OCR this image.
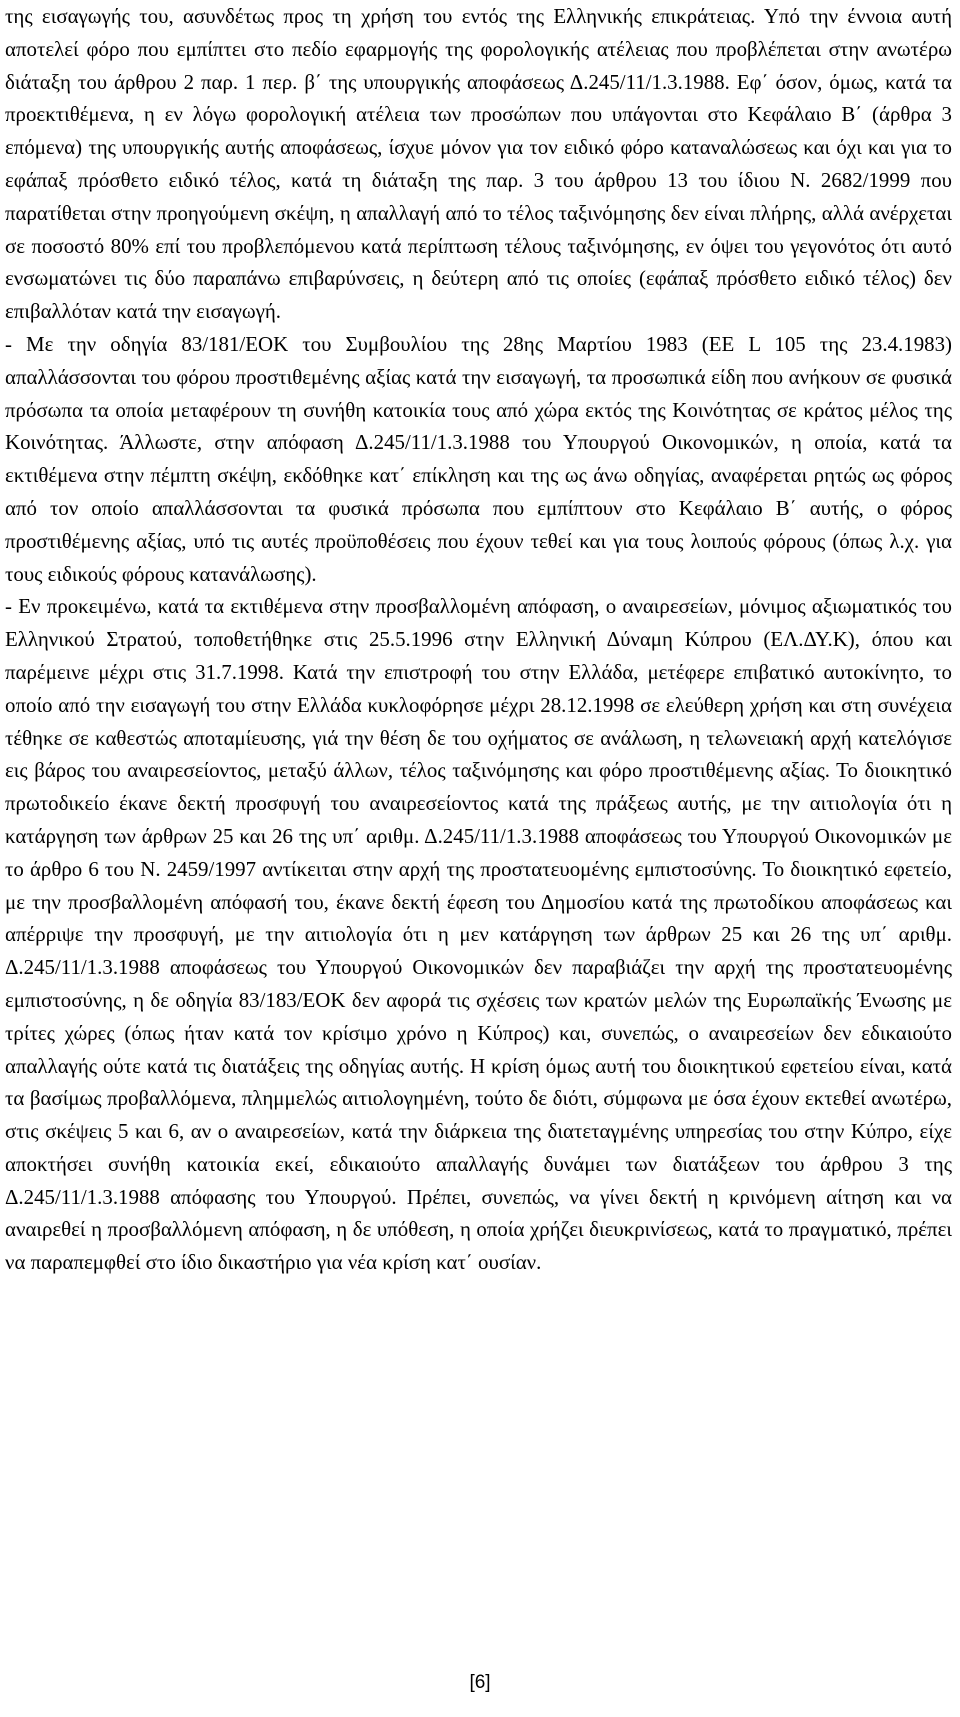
της εισαγωγής του, ασυνδέτως προς τη χρήση του εντός της Ελληνικής επικράτειας. Υπό την έννοια αυτή αποτελεί φόρο που εμπίπτει στο πεδίο εφαρμογής της φορολογικής ατέλειας που προβλέπεται στην ανωτέρω διάταξη του άρθρου 2 παρ. 1 περ. β΄ της υπουργικής αποφάσεως Δ.245/11/1.3.1988. Εφ΄ όσον, όμως, κατά τα προεκτιθέμενα, η εν λόγω φορολογική ατέλεια των προσώπων που υπάγονται στο Κεφάλαιο Β΄ (άρθρα 3 επόμενα) της υπουργικής αυτής αποφάσεως, ίσχυε μόνον για τον ειδικό φόρο καταναλώσεως και όχι και για το εφάπαξ πρόσθετο ειδικό τέλος, κατά τη διάταξη της παρ. 3 του άρθρου 13 του ίδιου Ν. 2682/1999 που παρατίθεται στην προηγούμενη σκέψη, η απαλλαγή από το τέλος ταξινόμησης δεν είναι πλήρης, αλλά ανέρχεται σε ποσοστό 80% επί του προβλεπόμενου κατά περίπτωση τέλους ταξινόμησης, εν όψει του γεγονότος ότι αυτό ενσωματώνει τις δύο παραπάνω επιβαρύνσεις, η δεύτερη από τις οποίες (εφάπαξ πρόσθετο ειδικό τέλος) δεν επιβαλλόταν κατά την εισαγωγή.

- Με την οδηγία 83/181/ΕΟΚ του Συμβουλίου της 28ης Μαρτίου 1983 (ΕΕ L 105 της 23.4.1983) απαλλάσσονται του φόρου προστιθεμένης αξίας κατά την εισαγωγή, τα προσωπικά είδη που ανήκουν σε φυσικά πρόσωπα τα οποία μεταφέρουν τη συνήθη κατοικία τους από χώρα εκτός της Κοινότητας σε κράτος μέλος της Κοινότητας. Άλλωστε, στην απόφαση Δ.245/11/1.3.1988 του Υπουργού Οικονομικών, η οποία, κατά τα εκτιθέμενα στην πέμπτη σκέψη, εκδόθηκε κατ΄ επίκληση και της ως άνω οδηγίας, αναφέρεται ρητώς ως φόρος από τον οποίο απαλλάσσονται τα φυσικά πρόσωπα που εμπίπτουν στο Κεφάλαιο Β΄ αυτής, ο φόρος προστιθέμενης αξίας, υπό τις αυτές προϋποθέσεις που έχουν τεθεί και για τους λοιπούς φόρους (όπως λ.χ. για τους ειδικούς φόρους κατανάλωσης).

- Εν προκειμένω, κατά τα εκτιθέμενα στην προσβαλλομένη απόφαση, ο αναιρεσείων, μόνιμος αξιωματικός του Ελληνικού Στρατού, τοποθετήθηκε στις 25.5.1996 στην Ελληνική Δύναμη Κύπρου (ΕΛ.ΔΥ.Κ), όπου και παρέμεινε μέχρι στις 31.7.1998. Κατά την επιστροφή του στην Ελλάδα, μετέφερε επιβατικό αυτοκίνητο, το οποίο από την εισαγωγή του στην Ελλάδα κυκλοφόρησε μέχρι 28.12.1998 σε ελεύθερη χρήση και στη συνέχεια τέθηκε σε καθεστώς αποταμίευσης, γιά την θέση δε του οχήματος σε ανάλωση, η τελωνειακή αρχή κατελόγισε εις βάρος του αναιρεσείοντος, μεταξύ άλλων, τέλος ταξινόμησης και φόρο προστιθέμενης αξίας. Το διοικητικό πρωτοδικείο έκανε δεκτή προσφυγή του αναιρεσείοντος κατά της πράξεως αυτής, με την αιτιολογία ότι η κατάργηση των άρθρων 25 και 26 της υπ΄ αριθμ. Δ.245/11/1.3.1988 αποφάσεως του Υπουργού Οικονομικών με το άρθρο 6 του Ν. 2459/1997 αντίκειται στην αρχή της προστατευομένης εμπιστοσύνης. Το διοικητικό εφετείο, με την προσβαλλομένη απόφασή του, έκανε δεκτή έφεση του Δημοσίου κατά της πρωτοδίκου αποφάσεως και απέρριψε την προσφυγή, με την αιτιολογία ότι η μεν κατάργηση των άρθρων 25 και 26 της υπ΄ αριθμ. Δ.245/11/1.3.1988 αποφάσεως του Υπουργού Οικονομικών δεν παραβιάζει την αρχή της προστατευομένης εμπιστοσύνης, η δε οδηγία 83/183/ΕΟΚ δεν αφορά τις σχέσεις των κρατών μελών της Ευρωπαϊκής Ένωσης με τρίτες χώρες (όπως ήταν κατά τον κρίσιμο χρόνο η Κύπρος) και, συνεπώς, ο αναιρεσείων δεν εδικαιούτο απαλλαγής ούτε κατά τις διατάξεις της οδηγίας αυτής. Η κρίση όμως αυτή του διοικητικού εφετείου είναι, κατά τα βασίμως προβαλλόμενα, πλημμελώς αιτιολογημένη, τούτο δε διότι, σύμφωνα με όσα έχουν εκτεθεί ανωτέρω, στις σκέψεις 5 και 6, αν ο αναιρεσείων, κατά την διάρκεια της διατεταγμένης υπηρεσίας του στην Κύπρο, είχε αποκτήσει συνήθη κατοικία εκεί, εδικαιούτο απαλλαγής δυνάμει των διατάξεων του άρθρου 3 της Δ.245/11/1.3.1988 απόφασης του Υπουργού. Πρέπει, συνεπώς, να γίνει δεκτή η κρινόμενη αίτηση και να αναιρεθεί η προσβαλλόμενη απόφαση, η δε υπόθεση, η οποία χρήζει διευκρινίσεως, κατά το πραγματικό, πρέπει να παραπεμφθεί στο ίδιο δικαστήριο για νέα κρίση κατ΄ ουσίαν.

[6]
